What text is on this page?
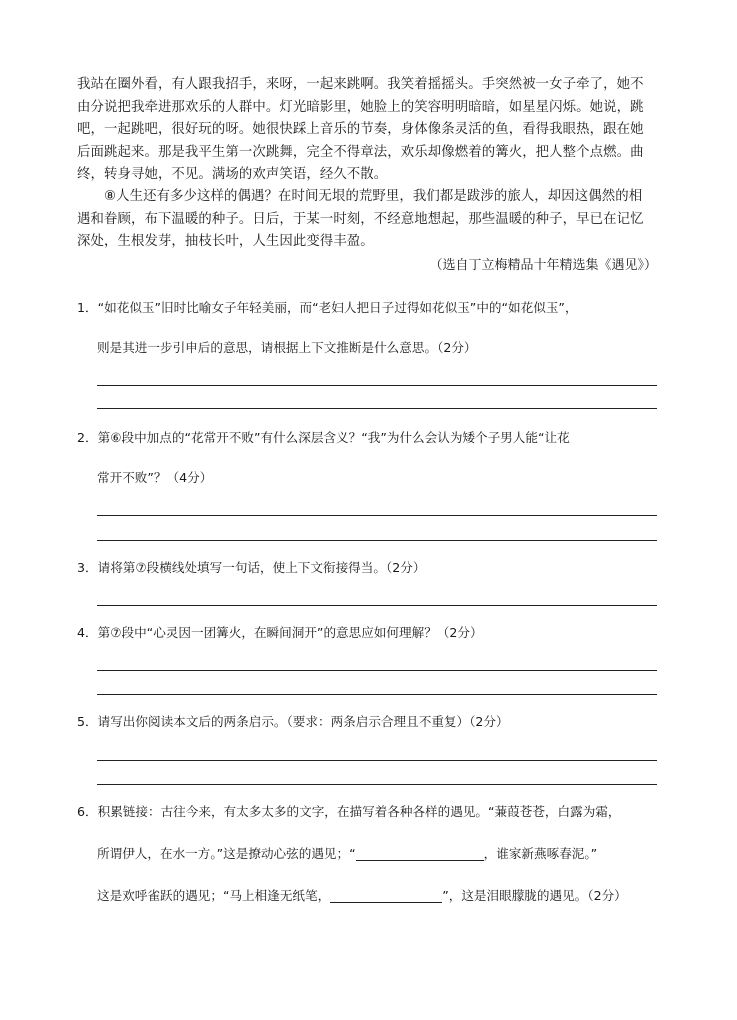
我站在圈外看，有人跟我招手，来呀，一起来跳啊。我笑着摇摇头。手突然被一女子牵了，她不
由分说把我牵进那欢乐的人群中。灯光暗影里，她脸上的笑容明明暗暗，如星星闪烁。她说，跳
吧，一起跳吧，很好玩的呀。她很快踩上音乐的节奏，身体像条灵活的鱼，看得我眼热，跟在她
后面跳起来。那是我平生第一次跳舞，完全不得章法，欢乐却像燃着的篝火，把人整个点燃。曲
终，转身寻她，不见。满场的欢声笑语，经久不散。
⑧人生还有多少这样的偶遇？在时间无垠的荒野里，我们都是跋涉的旅人，却因这偶然的相
遇和眷顾，布下温暖的种子。日后，于某一时刻，不经意地想起，那些温暖的种子，早已在记忆
深处，生根发芽，抽枝长叶，人生因此变得丰盈。
（选自丁立梅精品十年精选集《遇见》）
1．“如花似玉”旧时比喻女子年轻美丽，而“老妇人把日子过得如花似玉”中的“如花似玉”，
则是其进一步引申后的意思，请根据上下文推断是什么意思。（2分）
2．第⑥段中加点的“花常开不败”有什么深层含义？“我”为什么会认为矮个子男人能“让花
常开不败”？（4分）
3．请将第⑦段横线处填写一句话，使上下文衔接得当。（2分）
4．第⑦段中“心灵因一团篝火，在瞬间洞开”的意思应如何理解？（2分）
5．请写出你阅读本文后的两条启示。（要求：两条启示合理且不重复）（2分）
6．积累链接：古往今来，有太多太多的文字，在描写着各种各样的遇见。“蒹葭苍苍，白露为霜，
所谓伊人，在水一方。”这是撩动心弦的遇见；“	，谁家新燕啄春泥。”
这是欢呼雀跃的遇见；“马上相逢无纸笔，	”，这是泪眼朦胧的遇见。（2分）
